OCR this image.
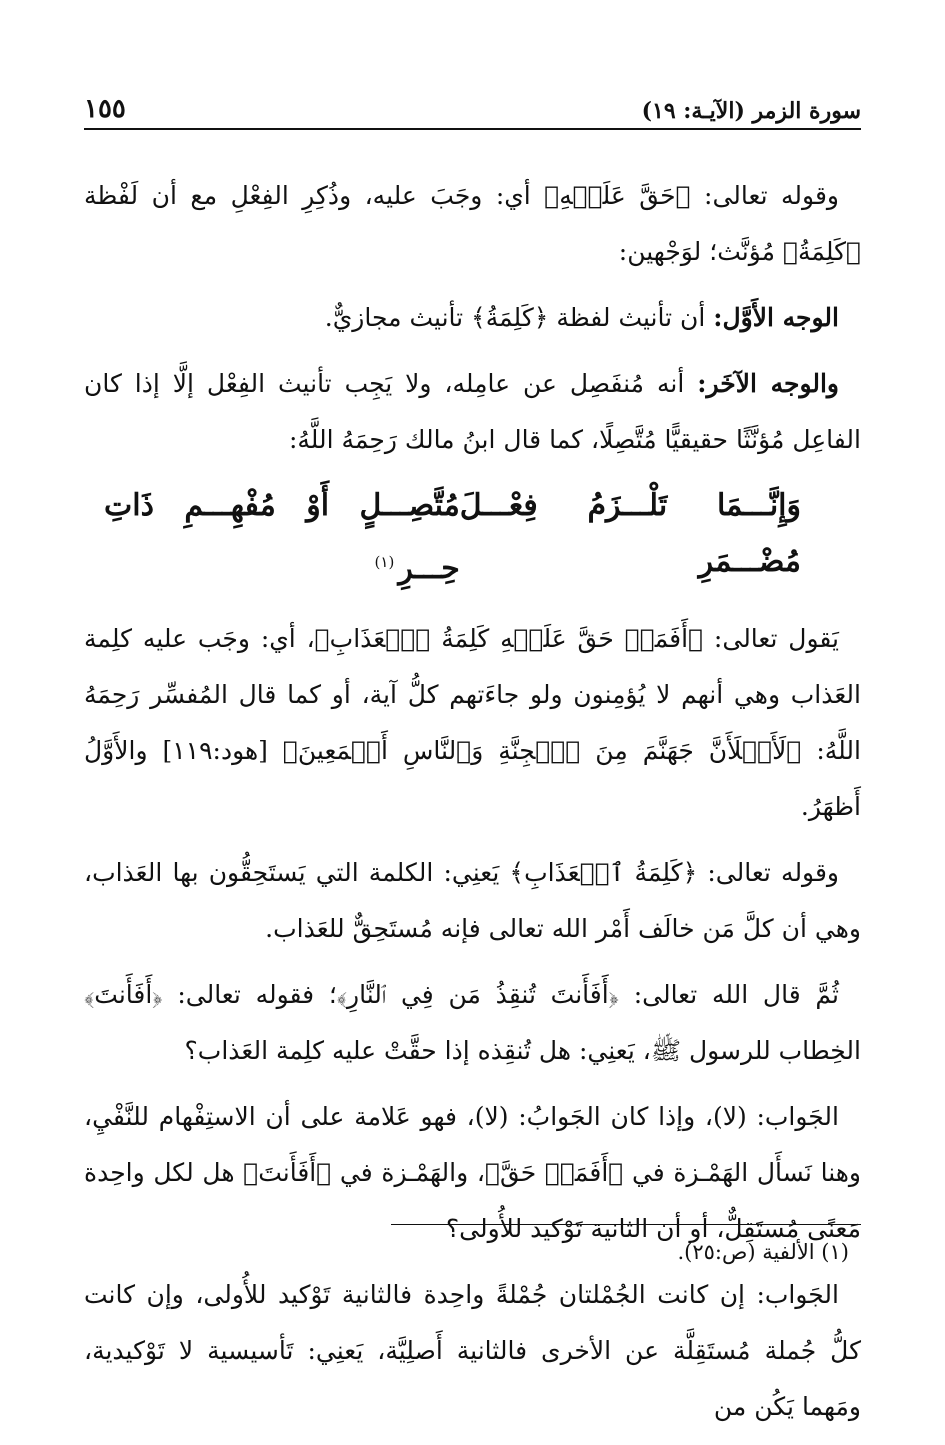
١٥٥	سورة الزمر (الآيـة: ١٩)

وقوله تعالى: ﴿حَقَّ عَلَيۡهِ﴾ أي: وجَبَ عليه، وذُكِرِ الفِعْلِ مع أن لَفْظة ﴿كَلِمَةُ﴾ مُؤنَّث؛ لوَجْهين:

الوجه الأَوَّل: أن تأنيث لفظة ﴿كَلِمَةُ﴾ تأنيث مجازيٌّ.

والوجه الآخَر: أنه مُنفَصِل عن عامِله، ولا يَجِب تأنيث الفِعْل إلَّا إذا كان الفاعِل مُؤنَّثًا حقيقيًّا مُتَّصِلًا، كما قال ابنُ مالك رَحِمَهُ اللَّهُ:

وَإِنَّـــمَا تَلْـــزَمُ فِعْـــلَ مُضْـــمَرِ
مُتَّصِـــلٍ أَوْ مُفْهِـــمِ ذَاتِ حِـــرِ$^{(١)}$

يَقول تعالى: ﴿أَفَمَنۡ حَقَّ عَلَيۡهِ كَلِمَةُ ٱلۡعَذَابِ﴾، أي: وجَب عليه كلِمة العَذاب وهي أنهم لا يُؤمِنون ولو جاءَتهم كلُّ آية، أو كما قال المُفسِّر رَحِمَهُ اللَّهُ: ﴿لَأَمۡلَأَنَّ جَهَنَّمَ مِنَ ٱلۡجِنَّةِ وَٱلنَّاسِ أَجۡمَعِينَ﴾ [هود:١١٩] والأَوَّلُ أَظهَرُ.

وقوله تعالى: ﴿كَلِمَةُ ٱلۡعَذَابِ﴾ يَعنِي: الكلمة التي يَستَحِقُّون بها العَذاب، وهي أن كلَّ مَن خالَف أَمْر الله تعالى فإنه مُستَحِقٌّ للعَذاب.

ثُمَّ قال الله تعالى: ﴿أَفَأَنتَ تُنقِذُ مَن فِي ٱلنَّارِ﴾؛ فقوله تعالى: ﴿أَفَأَنتَ﴾ الخِطاب للرسول ﷺ، يَعنِي: هل تُنقِذه إذا حقَّتْ عليه كلِمة العَذاب؟

الجَواب: (لا)، وإذا كان الجَوابُ: (لا)، فهو عَلامة على أن الاستِفْهام للنَّفْيِ، وهنا نَسأَل الهَمْـزة في ﴿أَفَمَنۡ حَقَّ﴾، والهَمْـزة في ﴿أَفَأَنتَ﴾ هل لكل واحِدة مَعنًى مُستَقِلٌّ، أو أن الثانية تَوْكيد للأُولى؟

الجَواب: إن كانت الجُمْلتان جُمْلةً واحِدة فالثانية تَوْكيد للأُولى، وإن كانت كلُّ جُملة مُستَقِلَّة عن الأخرى فالثانية أَصلِيَّة، يَعنِي: تَأسيسية لا تَوْكيدية، ومَهما يَكُن من

(١) الألفية (ص:٢٥).
